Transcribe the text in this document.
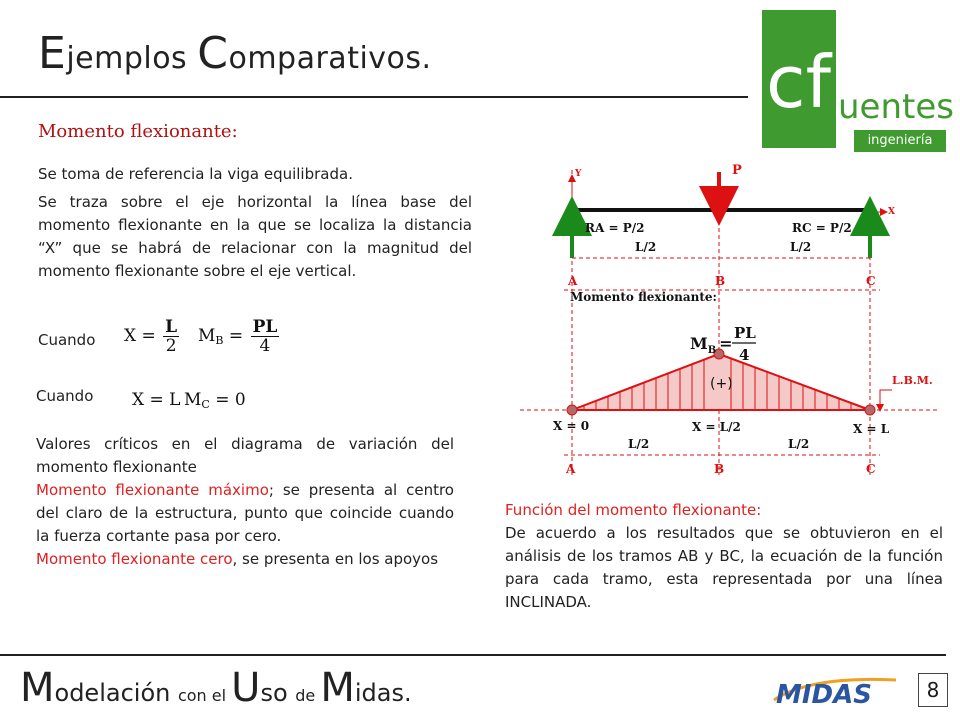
Ejemplos Comparativos.	cf uentes
ingeniería
Momento flexionante:
Se toma de referencia la viga equilibrada.
Se traza sobre el eje horizontal la línea base del momento flexionante en la que se localiza la distancia “X” que se habrá de relacionar con la magnitud del momento flexionante sobre el eje vertical.
Cuando $X = \frac{L}{2} M_B = \frac{PL}{4}$
Cuando X = L $M_C = 0$
Valores críticos en el diagrama de variación del momento flexionante
Momento flexionante máximo; se presenta al centro del claro de la estructura, punto que coincide cuando la fuerza cortante pasa por cero.
Momento flexionante cero, se presenta en los apoyos
Y
X
P
RA = P/2	RC = P/2
L/2	L/2
A	B	C
Momento flexionante:
$M_B$ =
PL
4
(+)	L.B.M.
X = 0	X = L/2	X = L
L/2	L/2
A	B	C
Función del momento flexionante:
De acuerdo a los resultados que se obtuvieron en el análisis de los tramos AB y BC, la ecuación de la función para cada tramo, esta representada por una línea INCLINADA.
Modelación con el Uso de Midas.	MIDAS	8
